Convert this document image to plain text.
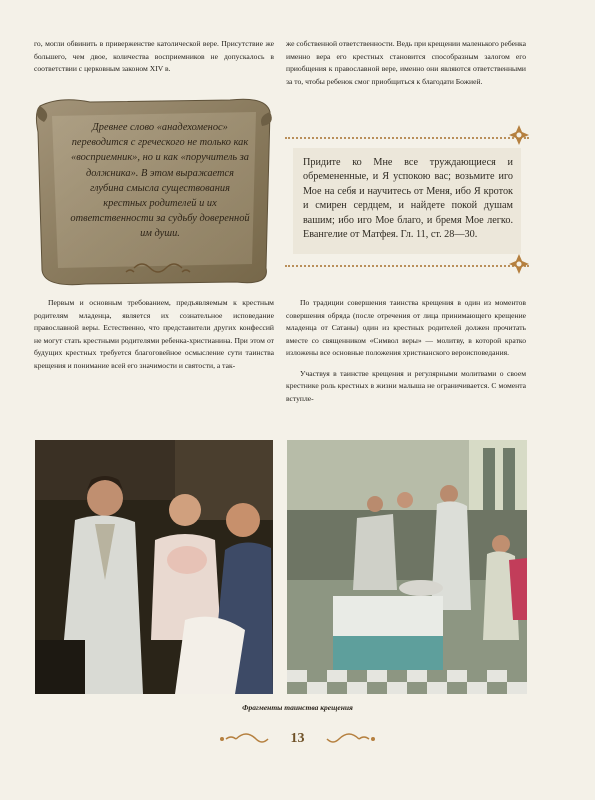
го, могли обвинить в приверженстве католической вере. Присутствие же большего, чем двое, количества восприемников не допускалось в соответствии с церковным законом XIV в.

же собственной ответственности. Ведь при крещении маленького ребенка именно вера его крестных становится способразным залогом его приобщения к православной вере, именно они являются ответственными за то, чтобы ребенок смог приобщиться к благодати Божией.

Древнее слово «анадехомeнос» переводится с греческого не только как «восприемник», но и как «поручитель за должника». В этом выражается глубина смысла существования крестных родителей и их ответственности за судьбу доверенной им души.
Придите ко Мне все труждающиеся и обремененные, и Я успокою вас; возьмите иго Мое на себя и научитесь от Меня, ибо Я кроток и смирен сердцем, и найдете покой душам вашим; ибо иго Мое благо, и бремя Мое легко. Евангелие от Матфея. Гл. 11, ст. 28—30.

Первым и основным требованием, предъявляемым к крестным родителям младенца, является их сознательное исповедание православной веры. Естественно, что представители других конфессий не могут стать крестными родителями ребенка-христианина. При этом от будущих крестных требуется благоговейное осмысление сути таинства крещения и понимание всей его значимости и святости, а так-

По традиции совершения таинства крещения в один из моментов совершения обряда (после отречения от лица принимающего крещение младенца от Сатаны) один из крестных родителей должен прочитать вместе со священником «Символ веры» — молитву, в которой кратко изложены все основные положения христианского вероисповедания.

Участвуя в таинстве крещения и регулярными молитвами о своем крестнике роль крестных в жизни малыша не ограничивается. С момента вступле-

Фрагменты таинства крещения
13
